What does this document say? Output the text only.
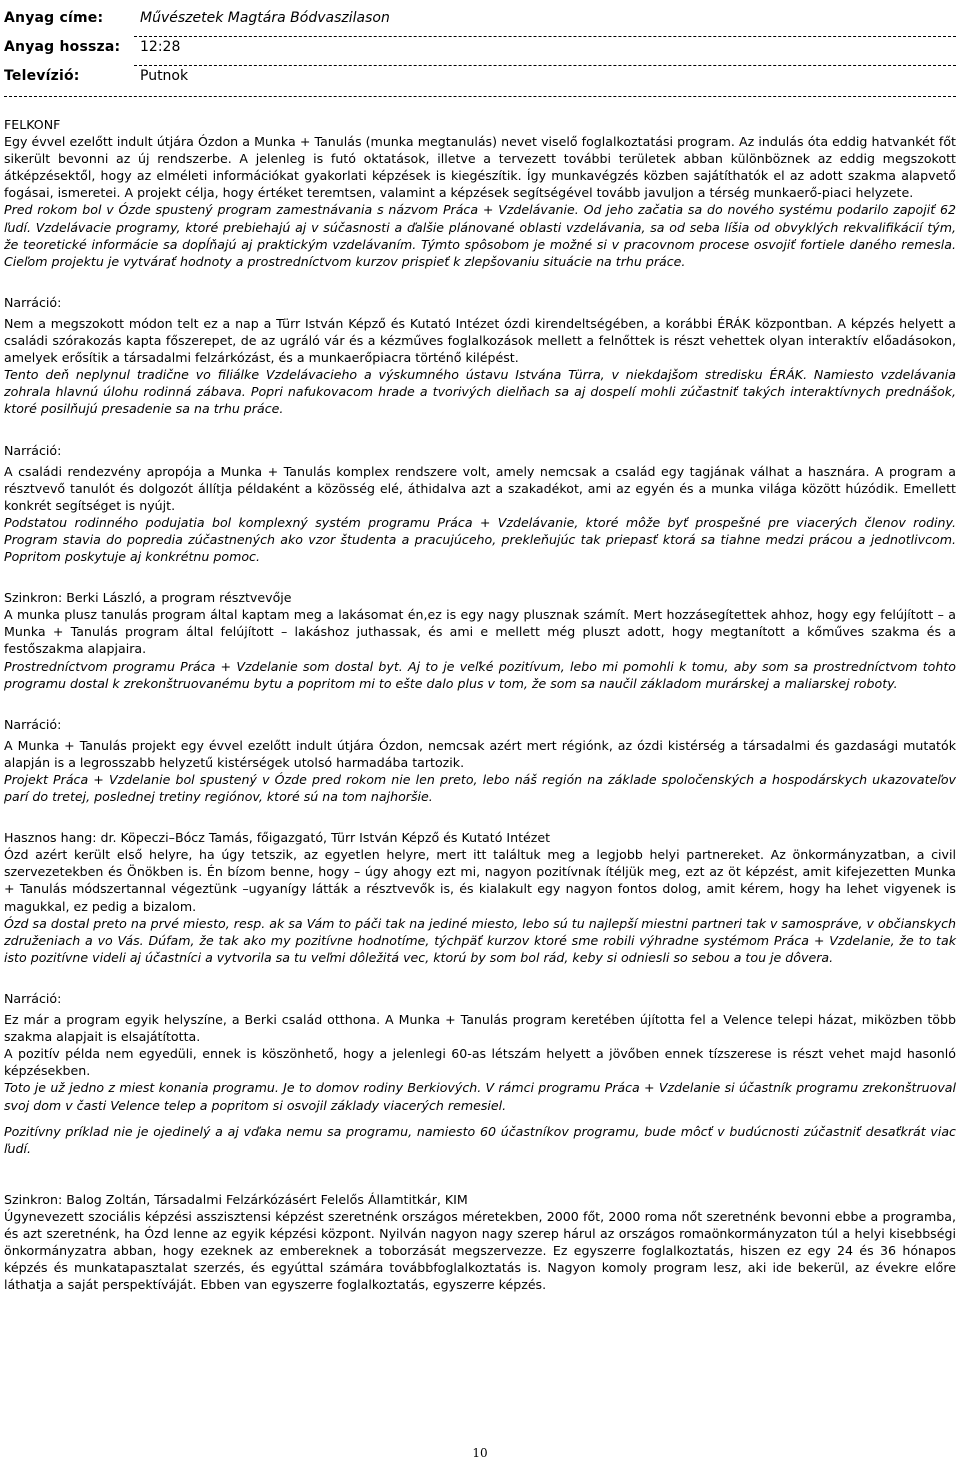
Anyag címe:	Művészetek Magtára Bódvaszilason
Anyag hossza: 12:28
Televízió:	Putnok

FELKONF

Egy évvel ezelőtt indult útjára Ózdon a Munka + Tanulás (munka megtanulás) nevet viselő foglalkoztatási program. Az indulás óta eddig hatvankét főt sikerült bevonni az új rendszerbe. A jelenleg is futó oktatások, illetve a tervezett további területek abban különböznek az eddig megszokott átképzésektől, hogy az elméleti információkat gyakorlati képzések is kiegészítik. Így munkavégzés közben sajátíthatók el az adott szakma alapvető fogásai, ismeretei. A projekt célja, hogy értéket teremtsen, valamint a képzések segítségével tovább javuljon a térség munkaerő-piaci helyzete.

Pred rokom bol v Ózde spustený program zamestnávania s názvom Práca + Vzdelávanie. Od jeho začatia sa do nového systému podarilo zapojiť 62 ľudí. Vzdelávacie programy, ktoré prebiehajú aj v súčasnosti a ďalšie plánované oblasti vzdelávania, sa od seba líšia od obvyklých rekvalifikácií tým, že teoretické informácie sa dopĺňajú aj praktickým vzdelávaním. Týmto spôsobom je možné si v pracovnom procese osvojiť fortiele daného remesla. Cieľom projektu je vytvárať hodnoty a prostredníctvom kurzov prispieť k zlepšovaniu situácie na trhu práce.

Narráció:

Nem a megszokott módon telt ez a nap a Türr István Képző és Kutató Intézet ózdi kirendeltségében, a korábbi ÉRÁK központban. A képzés helyett a családi szórakozás kapta főszerepet, de az ugráló vár és a kézműves foglalkozások mellett a felnőttek is részt vehettek olyan interaktív előadásokon, amelyek erősítik a társadalmi felzárkózást, és a munkaerőpiacra történő kilépést.

Tento deň neplynul tradične vo filiálke Vzdelávacieho a výskumného ústavu Istvána Türra, v niekdajšom stredisku ÉRÁK. Namiesto vzdelávania zohrala hlavnú úlohu rodinná zábava. Popri nafukovacom hrade a tvorivých dielňach sa aj dospelí mohli zúčastniť takých interaktívnych prednášok, ktoré posilňujú presadenie sa na trhu práce.

Narráció:

A családi rendezvény apropója a Munka + Tanulás komplex rendszere volt, amely nemcsak a család egy tagjának válhat a hasznára. A program a résztvevő tanulót és dolgozót állítja példaként a közösség elé, áthidalva azt a szakadékot, ami az egyén és a munka világa között húzódik. Emellett konkrét segítséget is nyújt.

Podstatou rodinného podujatia bol komplexný systém programu Práca + Vzdelávanie, ktoré môže byť prospešné pre viacerých členov rodiny. Program stavia do popredia zúčastnených ako vzor študenta a pracujúceho, prekleňujúc tak priepasť ktorá sa tiahne medzi prácou a jednotlivcom. Popritom poskytuje aj konkrétnu pomoc.

Szinkron: Berki László, a program résztvevője

A munka plusz tanulás program által kaptam meg a lakásomat én,ez is egy nagy plusznak számít. Mert hozzásegítettek ahhoz, hogy egy felújított – a Munka + Tanulás program által felújított – lakáshoz juthassak, és ami e mellett még pluszt adott, hogy megtanított a kőműves szakma és a festőszakma alapjaira.

Prostredníctvom programu Práca + Vzdelanie som dostal byt. Aj to je veľké pozitívum, lebo mi pomohli k tomu, aby som sa prostredníctvom tohto programu dostal k zrekonštruovanému bytu a popritom mi to ešte dalo plus v tom, že som sa naučil základom murárskej a maliarskej roboty.

Narráció:

A Munka + Tanulás projekt egy évvel ezelőtt indult útjára Ózdon, nemcsak azért mert régiónk, az ózdi kistérség a társadalmi és gazdasági mutatók alapján is a legrosszabb helyzetű kistérségek utolsó harmadába tartozik.

Projekt Práca + Vzdelanie bol spustený v Ózde pred rokom nie len preto, lebo náš región na základe spoločenských a hospodárskych ukazovateľov parí do tretej, poslednej tretiny regiónov, ktoré sú na tom najhoršie.

Hasznos hang: dr. Köpeczi–Bócz Tamás, főigazgató, Türr István Képző és Kutató Intézet

Ózd azért került első helyre, ha úgy tetszik, az egyetlen helyre, mert itt találtuk meg a legjobb helyi partnereket. Az önkormányzatban, a civil szervezetekben és Önökben is. Én bízom benne, hogy – úgy ahogy ezt mi, nagyon pozitívnak ítéljük meg, ezt az öt képzést, amit kifejezetten Munka + Tanulás módszertannal végeztünk –ugyanígy látták a résztvevők is, és kialakult egy nagyon fontos dolog, amit kérem, hogy ha lehet vigyenek is magukkal, ez pedig a bizalom.

Ózd sa dostal preto na prvé miesto, resp. ak sa Vám to páči tak na jediné miesto, lebo sú tu najlepší miestni partneri tak v samospráve, v občianskych združeniach a vo Vás. Dúfam, že tak ako my pozitívne hodnotíme, týchpäť kurzov ktoré sme robili výhradne systémom Práca + Vzdelanie, že to tak isto pozitívne videli aj účastníci a vytvorila sa tu veľmi dôležitá vec, ktorú by som bol rád, keby si odniesli so sebou a tou je dôvera.

Narráció:

Ez már a program egyik helyszíne, a Berki család otthona. A Munka + Tanulás program keretében újította fel a Velence telepi házat, miközben több szakma alapjait is elsajátította.

A pozitív példa nem egyedüli, ennek is köszönhető, hogy a jelenlegi 60-as létszám helyett a jövőben ennek tízszerese is részt vehet majd hasonló képzésekben.

Toto je už jedno z miest konania programu. Je to domov rodiny Berkiových. V rámci programu Práca + Vzdelanie si účastník programu zrekonštruoval svoj dom v časti Velence telep a popritom si osvojil základy viacerých remesiel.

Pozitívny príklad nie je ojedinelý a aj vďaka nemu sa programu, namiesto 60 účastníkov programu, bude môcť v budúcnosti zúčastniť desaťkrát viac ľudí.

Szinkron: Balog Zoltán, Társadalmi Felzárkózásért Felelős Államtitkár, KIM

Úgynevezett szociális képzési asszisztensi képzést szeretnénk országos méretekben, 2000 főt, 2000 roma nőt szeretnénk bevonni ebbe a programba, és azt szeretnénk, ha Ózd lenne az egyik képzési központ. Nyilván nagyon nagy szerep hárul az országos romaönkormányzaton túl a helyi kisebbségi önkormányzatra abban, hogy ezeknek az embereknek a toborzását megszervezze. Ez egyszerre foglalkoztatás, hiszen ez egy 24 és 36 hónapos képzés és munkatapasztalat szerzés, és egyúttal számára továbbfoglalkoztatás is. Nagyon komoly program lesz, aki ide bekerül, az évekre előre láthatja a saját perspektíváját. Ebben van egyszerre foglalkoztatás, egyszerre képzés.

10
